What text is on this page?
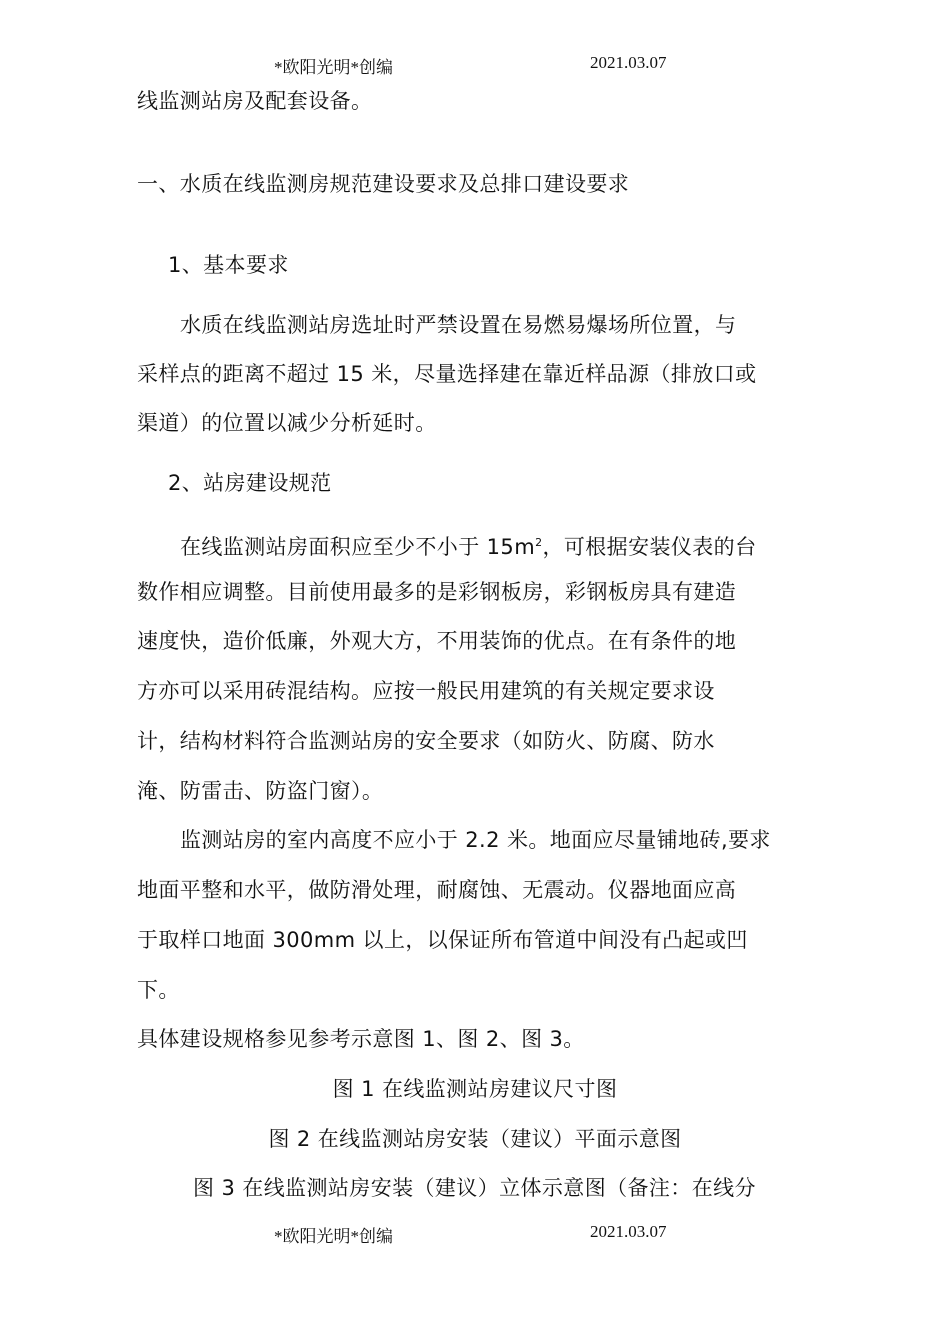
*欧阳光明*创编	2021.03.07
线监测站房及配套设备。
一、水质在线监测房规范建设要求及总排口建设要求
1、基本要求
水质在线监测站房选址时严禁设置在易燃易爆场所位置，与
采样点的距离不超过 15 米，尽量选择建在靠近样品源（排放口或
渠道）的位置以减少分析延时。
2、站房建设规范
在线监测站房面积应至少不小于 $15m^2$，可根据安装仪表的台
数作相应调整。目前使用最多的是彩钢板房，彩钢板房具有建造
速度快，造价低廉，外观大方，不用装饰的优点。在有条件的地
方亦可以采用砖混结构。应按一般民用建筑的有关规定要求设
计，结构材料符合监测站房的安全要求（如防火、防腐、防水
淹、防雷击、防盗门窗）。
监测站房的室内高度不应小于 2.2 米。地面应尽量铺地砖,要求
地面平整和水平，做防滑处理，耐腐蚀、无震动。仪器地面应高
于取样口地面 300mm 以上，以保证所布管道中间没有凸起或凹
下。
具体建设规格参见参考示意图 1、图 2、图 3。
图 1 在线监测站房建议尺寸图
图 2 在线监测站房安装（建议）平面示意图
图 3 在线监测站房安装（建议）立体示意图（备注：在线分
*欧阳光明*创编	2021.03.07
